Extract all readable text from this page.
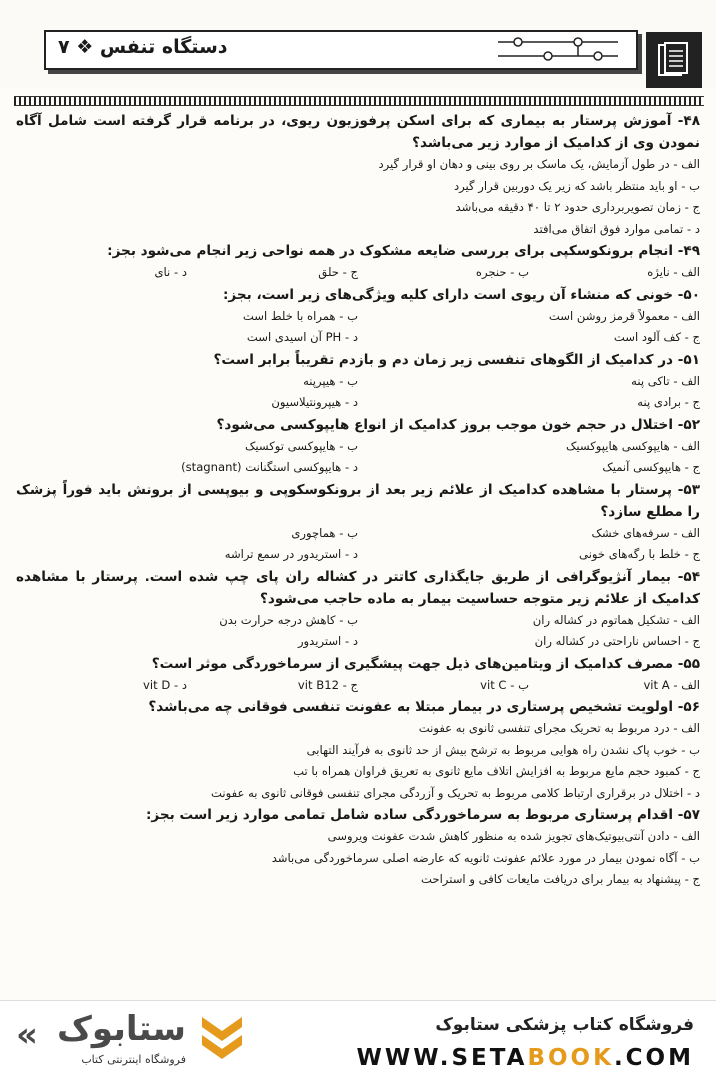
دستگاه تنفس ❖ ۷
۴۸- آموزش پرستار به بیماری که برای اسکن پرفوزیون ریوی، در برنامه قرار گرفته است شامل آگاه نمودن وی از کدامیک از موارد زیر می‌باشد؟
الف - در طول آزمایش، یک ماسک بر روی بینی و دهان او قرار گیرد
ب - او باید منتظر باشد که زیر یک دوربین قرار گیرد
ج - زمان تصویربرداری حدود ۲ تا ۴۰ دقیقه می‌باشد
د - تمامی موارد فوق اتفاق می‌افتد
۴۹- انجام برونکوسکپی برای بررسی ضایعه مشکوک در همه نواحی زیر انجام می‌شود بجز:
الف - نایژه
ب - حنجره
ج - حلق
د - نای
۵۰- خونی که منشاء آن ریوی است دارای کلیه ویژگی‌های زیر است، بجز:
الف - معمولاً قرمز روشن است
ب - همراه با خلط است
ج - کف آلود است
د - PH آن اسیدی است
۵۱- در کدامیک از الگوهای تنفسی زیر زمان دم و بازدم تقریباً برابر است؟
الف - تاکی پنه
ب - هیپرپنه
ج - برادی پنه
د - هیپرونتیلاسیون
۵۲- اختلال در حجم خون موجب بروز کدامیک از انواع هایپوکسی می‌شود؟
الف - هایپوکسی هایپوکسیک
ب - هایپوکسی توکسیک
ج - هایپوکسی آنمیک
د - هایپوکسی استگنانت (stagnant)
۵۳- پرستار با مشاهده کدامیک از علائم زیر بعد از برونکوسکوپی و بیوپسی از برونش باید فوراً پزشک را مطلع سازد؟
الف - سرفه‌های خشک
ب - هماچوری
ج - خلط با رگه‌های خونی
د - استریدور در سمع تراشه
۵۴- بیمار آنژیوگرافی از طریق جایگذاری کاتتر در کشاله ران پای چپ شده است. پرستار با مشاهده کدامیک از علائم زیر متوجه حساسیت بیمار به ماده حاجب می‌شود؟
الف - تشکیل هماتوم در کشاله ران
ب - کاهش درجه حرارت بدن
ج - احساس ناراحتی در کشاله ران
د - استریدور
۵۵- مصرف کدامیک از ویتامین‌های ذیل جهت پیشگیری از سرماخوردگی موثر است؟
الف - vit A
ب - vit C
ج - vit B12
د - vit D
۵۶- اولویت تشخیص پرستاری در بیمار مبتلا به عفونت تنفسی فوقانی چه می‌باشد؟
الف - درد مربوط به تحریک مجرای تنفسی ثانوی به عفونت
ب - خوب پاک نشدن راه هوایی مربوط به ترشح بیش از حد ثانوی به فرآیند التهابی
ج - کمبود حجم مایع مربوط به افزایش اتلاف مایع ثانوی به تعریق فراوان همراه با تب
د - اختلال در برقراری ارتباط کلامی مربوط به تحریک و آزردگی مجرای تنفسی فوقانی ثانوی به عفونت
۵۷- اقدام پرستاری مربوط به سرماخوردگی ساده شامل تمامی موارد زیر است بجز:
الف - دادن آنتی‌بیوتیک‌های تجویز شده به منظور کاهش شدت عفونت ویروسی
ب - آگاه نمودن بیمار در مورد علائم عفونت ثانویه که عارضه اصلی سرماخوردگی می‌باشد
ج - پیشنهاد به بیمار برای دریافت مایعات کافی و استراحت
« ستابوک
فروشگاه اینترنتی کتاب
فروشگاه کتاب پزشکی ستابوک
WWW.SETABOOK.COM
